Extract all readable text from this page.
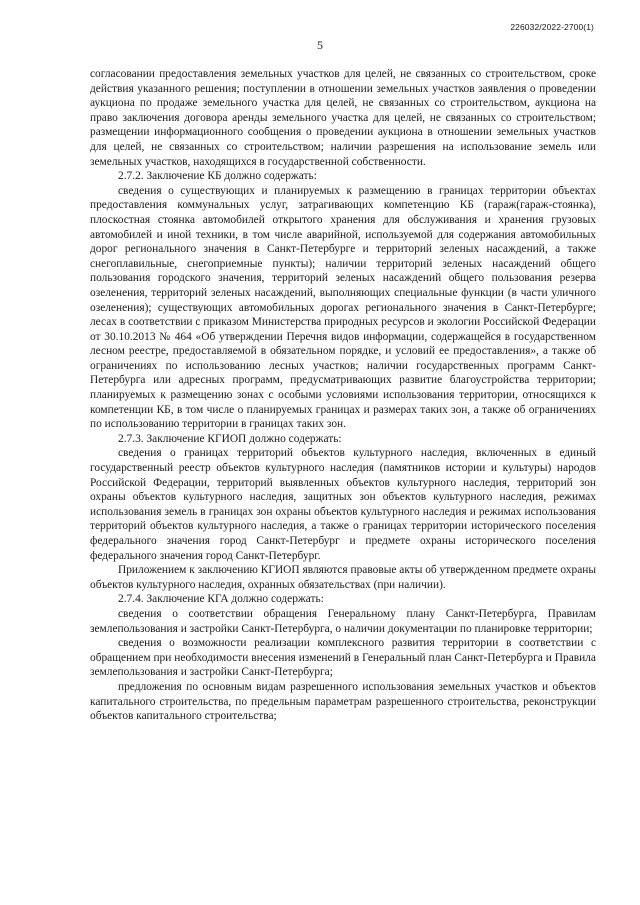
226032/2022-2700(1)
5

согласовании предоставления земельных участков для целей, не связанных со строительством, сроке действия указанного решения; поступлении в отношении земельных участков заявления о проведении аукциона по продаже земельного участка для целей, не связанных со строительством, аукциона на право заключения договора аренды земельного участка для целей, не связанных со строительством; размещении информационного сообщения о проведении аукциона в отношении земельных участков для целей, не связанных со строительством; наличии разрешения на использование земель или земельных участков, находящихся в государственной собственности.

2.7.2. Заключение КБ должно содержать:

сведения о существующих и планируемых к размещению в границах территории объектах предоставления коммунальных услуг, затрагивающих компетенцию КБ (гараж(гараж-стоянка), плоскостная стоянка автомобилей открытого хранения для обслуживания и хранения грузовых автомобилей и иной техники, в том числе аварийной, используемой для содержания автомобильных дорог регионального значения в Санкт-Петербурге и территорий зеленых насаждений, а также снегоплавильные, снегоприемные пункты); наличии территорий зеленых насаждений общего пользования городского значения, территорий зеленых насаждений общего пользования резерва озеленения, территорий зеленых насаждений, выполняющих специальные функции (в части уличного озеленения); существующих автомобильных дорогах регионального значения в Санкт-Петербурге; лесах в соответствии с приказом Министерства природных ресурсов и экологии Российской Федерации от 30.10.2013 № 464 «Об утверждении Перечня видов информации, содержащейся в государственном лесном реестре, предоставляемой в обязательном порядке, и условий ее предоставления», а также об ограничениях по использованию лесных участков; наличии государственных программ Санкт-Петербурга или адресных программ, предусматривающих развитие благоустройства территории; планируемых к размещению зонах с особыми условиями использования территории, относящихся к компетенции КБ, в том числе о планируемых границах и размерах таких зон, а также об ограничениях по использованию территории в границах таких зон.

2.7.3. Заключение КГИОП должно содержать:

сведения о границах территорий объектов культурного наследия, включенных в единый государственный реестр объектов культурного наследия (памятников истории и культуры) народов Российской Федерации, территорий выявленных объектов культурного наследия, территорий зон охраны объектов культурного наследия, защитных зон объектов культурного наследия, режимах использования земель в границах зон охраны объектов культурного наследия и режимах использования территорий объектов культурного наследия, а также о границах территории исторического поселения федерального значения город Санкт-Петербург и предмете охраны исторического поселения федерального значения город Санкт-Петербург.

Приложением к заключению КГИОП являются правовые акты об утвержденном предмете охраны объектов культурного наследия, охранных обязательствах (при наличии).

2.7.4. Заключение КГА должно содержать:

сведения о соответствии обращения Генеральному плану Санкт-Петербурга, Правилам землепользования и застройки Санкт-Петербурга, о наличии документации по планировке территории;

сведения о возможности реализации комплексного развития территории в соответствии с обращением при необходимости внесения изменений в Генеральный план Санкт-Петербурга и Правила землепользования и застройки Санкт-Петербурга;

предложения по основным видам разрешенного использования земельных участков и объектов капитального строительства, по предельным параметрам разрешенного строительства, реконструкции объектов капитального строительства;
